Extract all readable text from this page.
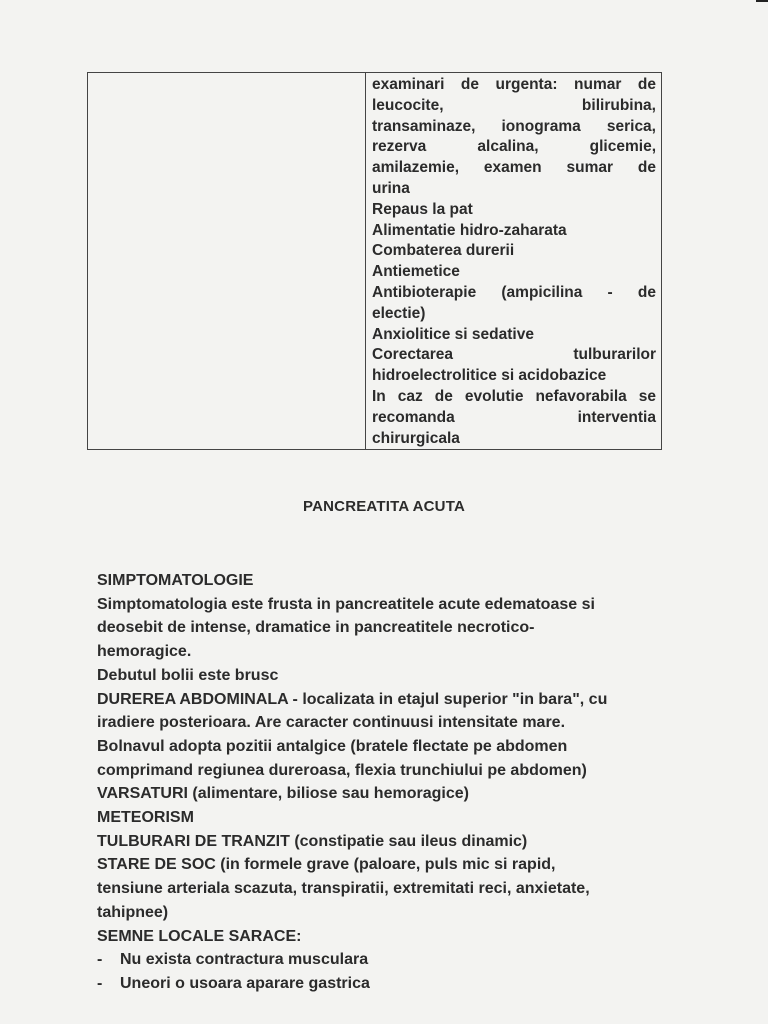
examinari de urgenta: numar de
leucocite, bilirubina,
transaminaze, ionograma serica,
rezerva alcalina, glicemie,
amilazemie, examen sumar de
urina
Repaus la pat
Alimentatie hidro-zaharata
Combaterea durerii
Antiemetice
Antibioterapie (ampicilina - de
electie)
Anxiolitice si sedative
Corectarea tulburarilor
hidroelectrolitice si acidobazice
In caz de evolutie nefavorabila se
recomanda interventia
chirurgicala
PANCREATITA ACUTA
SIMPTOMATOLOGIE
Simptomatologia este frusta in pancreatitele acute edematoase si
deosebit de intense, dramatice in pancreatitele necrotico-
hemoragice.
Debutul bolii este brusc
DUREREA ABDOMINALA - localizata in etajul superior "in bara", cu
iradiere posterioara. Are caracter continuusi intensitate mare.
Bolnavul adopta pozitii antalgice (bratele flectate pe abdomen
comprimand regiunea dureroasa, flexia trunchiului pe abdomen)
VARSATURI (alimentare, biliose sau hemoragice)
METEORISM
TULBURARI DE TRANZIT (constipatie sau ileus dinamic)
STARE DE SOC (in formele grave (paloare, puls mic si rapid,
tensiune arteriala scazuta, transpiratii, extremitati reci, anxietate,
tahipnee)
SEMNE LOCALE SARACE:
- Nu exista contractura musculara
- Uneori o usoara aparare gastrica
